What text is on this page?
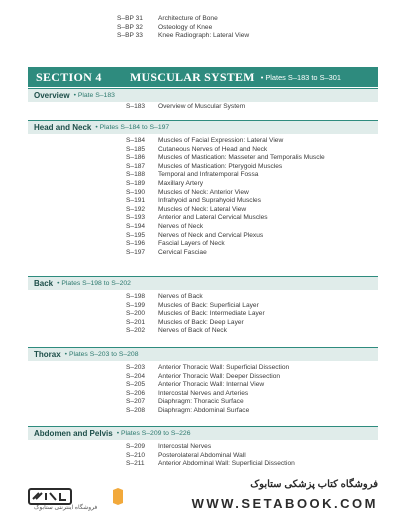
S–BP 31 Architecture of Bone
S–BP 32 Osteology of Knee
S–BP 33 Knee Radiograph: Lateral View
SECTION 4	MUSCULAR SYSTEM • Plates S–183 to S–301
Overview • Plate S–183
S–183 Overview of Muscular System
Head and Neck • Plates S–184 to S–197
S–184 Muscles of Facial Expression: Lateral View
S–185 Cutaneous Nerves of Head and Neck
S–186 Muscles of Mastication: Masseter and Temporalis Muscle
S–187 Muscles of Mastication: Pterygoid Muscles
S–188 Temporal and Infratemporal Fossa
S–189 Maxillary Artery
S–190 Muscles of Neck: Anterior View
S–191 Infrahyoid and Suprahyoid Muscles
S–192 Muscles of Neck: Lateral View
S–193 Anterior and Lateral Cervical Muscles
S–194 Nerves of Neck
S–195 Nerves of Neck and Cervical Plexus
S–196 Fascial Layers of Neck
S–197 Cervical Fasciae
Back • Plates S–198 to S–202
S–198 Nerves of Back
S–199 Muscles of Back: Superficial Layer
S–200 Muscles of Back: Intermediate Layer
S–201 Muscles of Back: Deep Layer
S–202 Nerves of Back of Neck
Thorax • Plates S–203 to S–208
S–203 Anterior Thoracic Wall: Superficial Dissection
S–204 Anterior Thoracic Wall: Deeper Dissection
S–205 Anterior Thoracic Wall: Internal View
S–206 Intercostal Nerves and Arteries
S–207 Diaphragm: Thoracic Surface
S–208 Diaphragm: Abdominal Surface
Abdomen and Pelvis • Plates S–209 to S–226
S–209 Intercostal Nerves
S–210 Posterolateral Abdominal Wall
S–211 Anterior Abdominal Wall: Superficial Dissection
فروشگاه اینترنتی ستابوک
فروشگاه کتاب پزشکی ستابوک
WWW.SETABOOK.COM
